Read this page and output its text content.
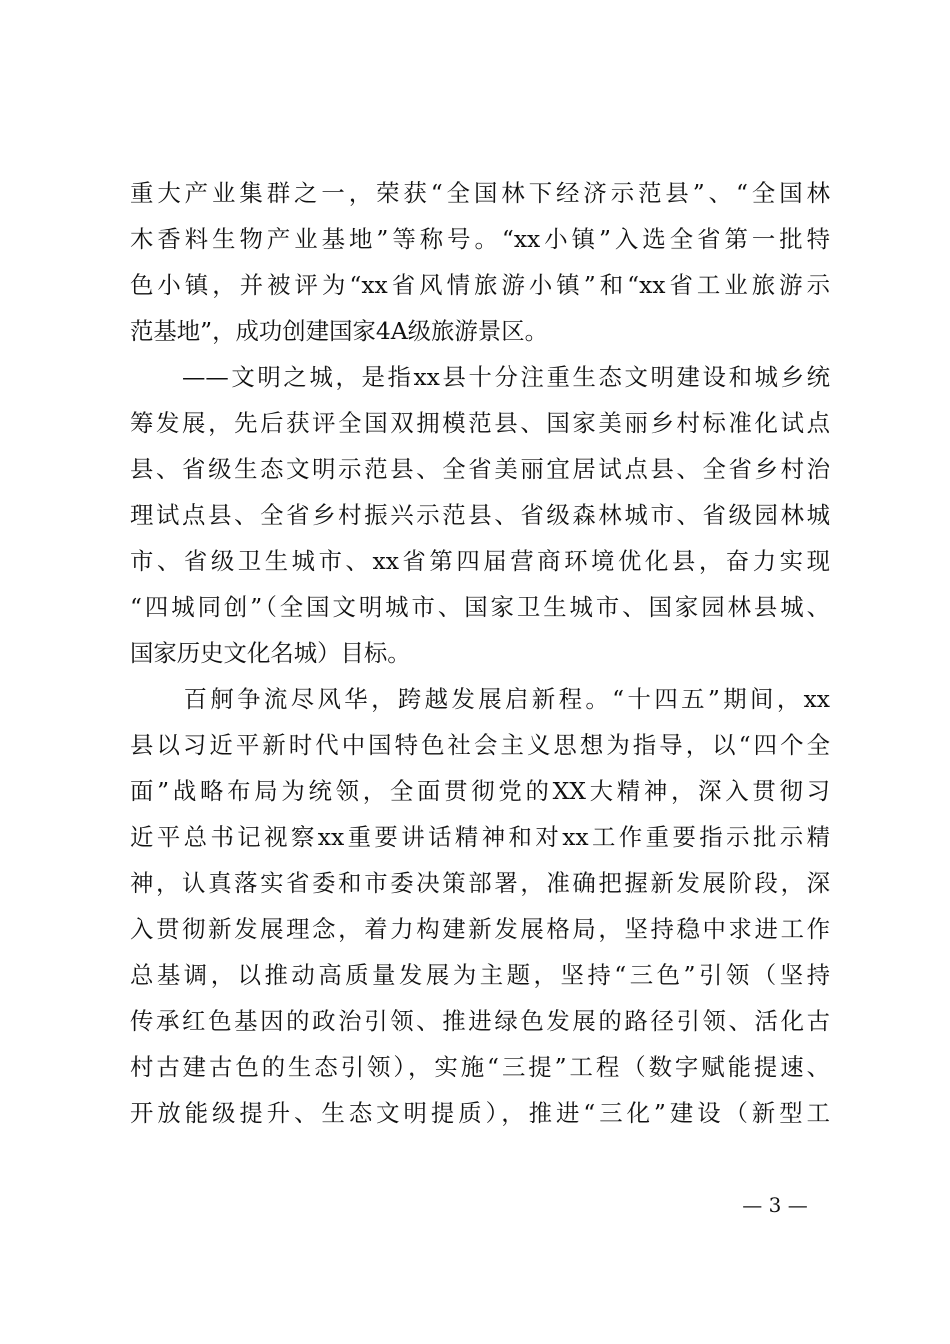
重大产业集群之一，荣获“全国林下经济示范县”、“全国林
木香料生物产业基地”等称号。“xx小镇”入选全省第一批特
色小镇，并被评为“xx省风情旅游小镇”和“xx省工业旅游示
范基地”，成功创建国家4A级旅游景区。
　　——文明之城，是指xx县十分注重生态文明建设和城乡统
筹发展，先后获评全国双拥模范县、国家美丽乡村标准化试点
县、省级生态文明示范县、全省美丽宜居试点县、全省乡村治
理试点县、全省乡村振兴示范县、省级森林城市、省级园林城
市、省级卫生城市、xx省第四届营商环境优化县，奋力实现
“四城同创”（全国文明城市、国家卫生城市、国家园林县城、
国家历史文化名城）目标。
　　百舸争流尽风华，跨越发展启新程。“十四五”期间，xx
县以习近平新时代中国特色社会主义思想为指导，以“四个全
面”战略布局为统领，全面贯彻党的XX大精神，深入贯彻习
近平总书记视察xx重要讲话精神和对xx工作重要指示批示精
神，认真落实省委和市委决策部署，准确把握新发展阶段，深
入贯彻新发展理念，着力构建新发展格局，坚持稳中求进工作
总基调，以推动高质量发展为主题，坚持“三色”引领（坚持
传承红色基因的政治引领、推进绿色发展的路径引领、活化古
村古建古色的生态引领），实施“三提”工程（数字赋能提速、
开放能级提升、生态文明提质），推进“三化”建设（新型工
— 3 —
